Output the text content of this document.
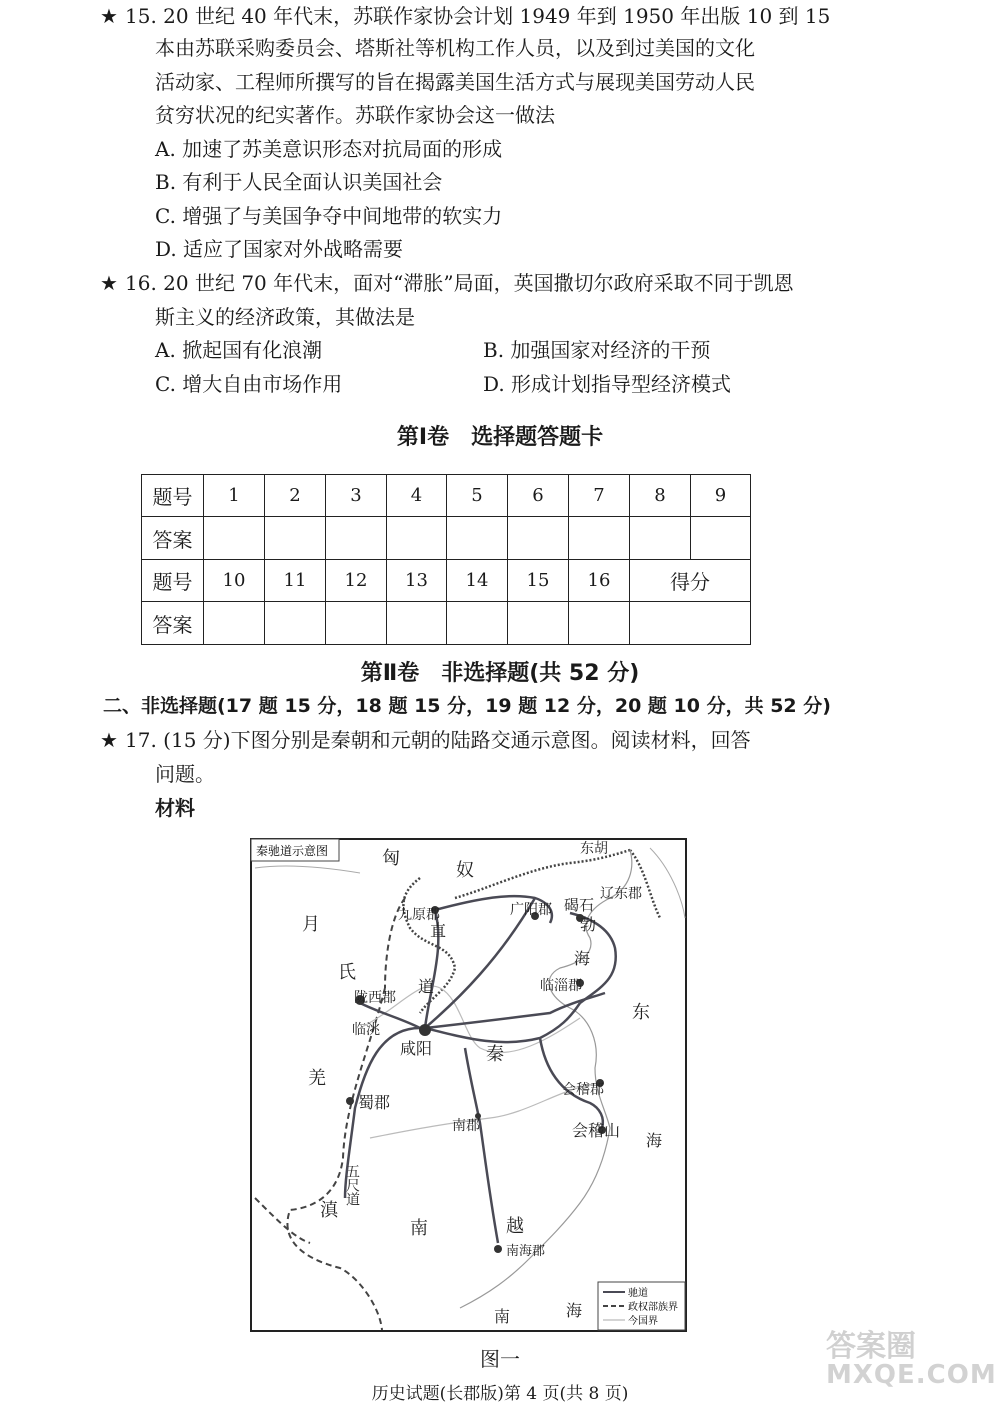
★ 15. 20 世纪 40 年代末，苏联作家协会计划 1949 年到 1950 年出版 10 到 15
本由苏联采购委员会、塔斯社等机构工作人员，以及到过美国的文化
活动家、工程师所撰写的旨在揭露美国生活方式与展现美国劳动人民
贫穷状况的纪实著作。苏联作家协会这一做法
A. 加速了苏美意识形态对抗局面的形成
B. 有利于人民全面认识美国社会
C. 增强了与美国争夺中间地带的软实力
D. 适应了国家对外战略需要
★ 16. 20 世纪 70 年代末，面对“滞胀”局面，英国撒切尔政府采取不同于凯恩
斯主义的经济政策，其做法是
A. 掀起国有化浪潮	B. 加强国家对经济的干预
C. 增大自由市场作用	D. 形成计划指导型经济模式
第Ⅰ卷　选择题答题卡
题号	1	2	3	4	5	6	7	8	9
答案									
题号	10	11	12	13	14	15	16	得分	
答案									
第Ⅱ卷　非选择题(共 52 分)
二、非选择题(17 题 15 分，18 题 15 分，19 题 12 分，20 题 10 分，共 52 分)
★ 17. (15 分)下图分别是秦朝和元朝的陆路交通示意图。阅读材料，回答
问题。
材料
秦驰道示意图	匈
奴
东胡
辽东郡
九原郡
直
广阳郡 碣石
勃
月
氏
陇西郡
道
海
临淄郡
临洮
东
咸阳	秦
羌
蜀郡
会稽郡
会稽山
南郡
海
五尺道
滇
南	越
南海郡
南	海
驰道
政权部族界
今国界
图一
历史试题(长郡版)第 4 页(共 8 页)
答案圈
MXQE.COM
